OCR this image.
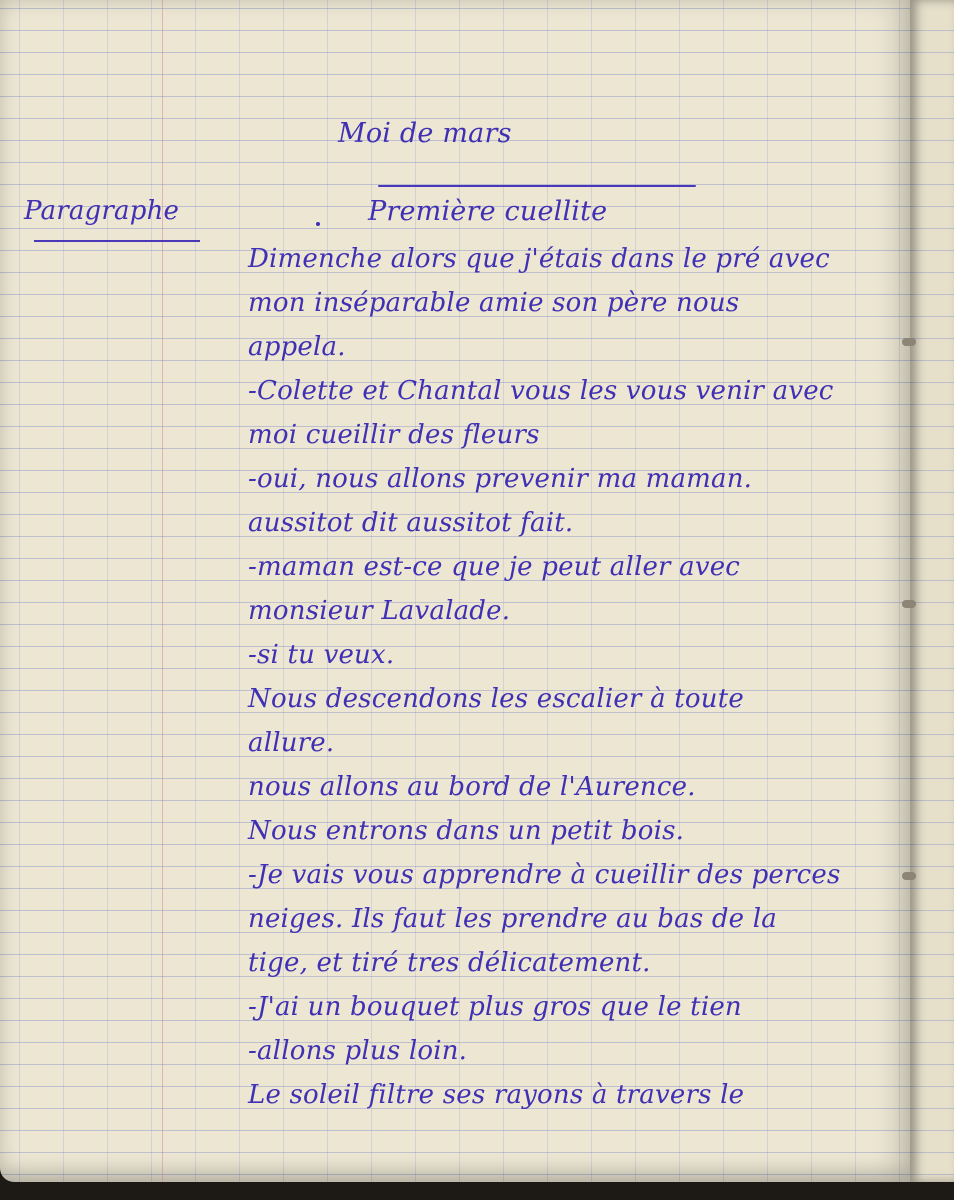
Moi de mars
Paragraphe	Première cuellite
Dimenche alors que j'étais dans le pré avec
mon inséparable amie son père nous
appela.
-Colette et Chantal vous les vous venir avec
moi cueillir des fleurs
-oui, nous allons prevenir ma maman.
aussitot dit aussitot fait.
-maman est-ce que je peut aller avec
monsieur Lavalade.
-si tu veux.
Nous descendons les escalier à toute
allure.
nous allons au bord de l'Aurence.
Nous entrons dans un petit bois.
-Je vais vous apprendre à cueillir des perces
neiges. Ils faut les prendre au bas de la
tige, et tiré tres délicatement.
-J'ai un bouquet plus gros que le tien
-allons plus loin.
Le soleil filtre ses rayons à travers le
